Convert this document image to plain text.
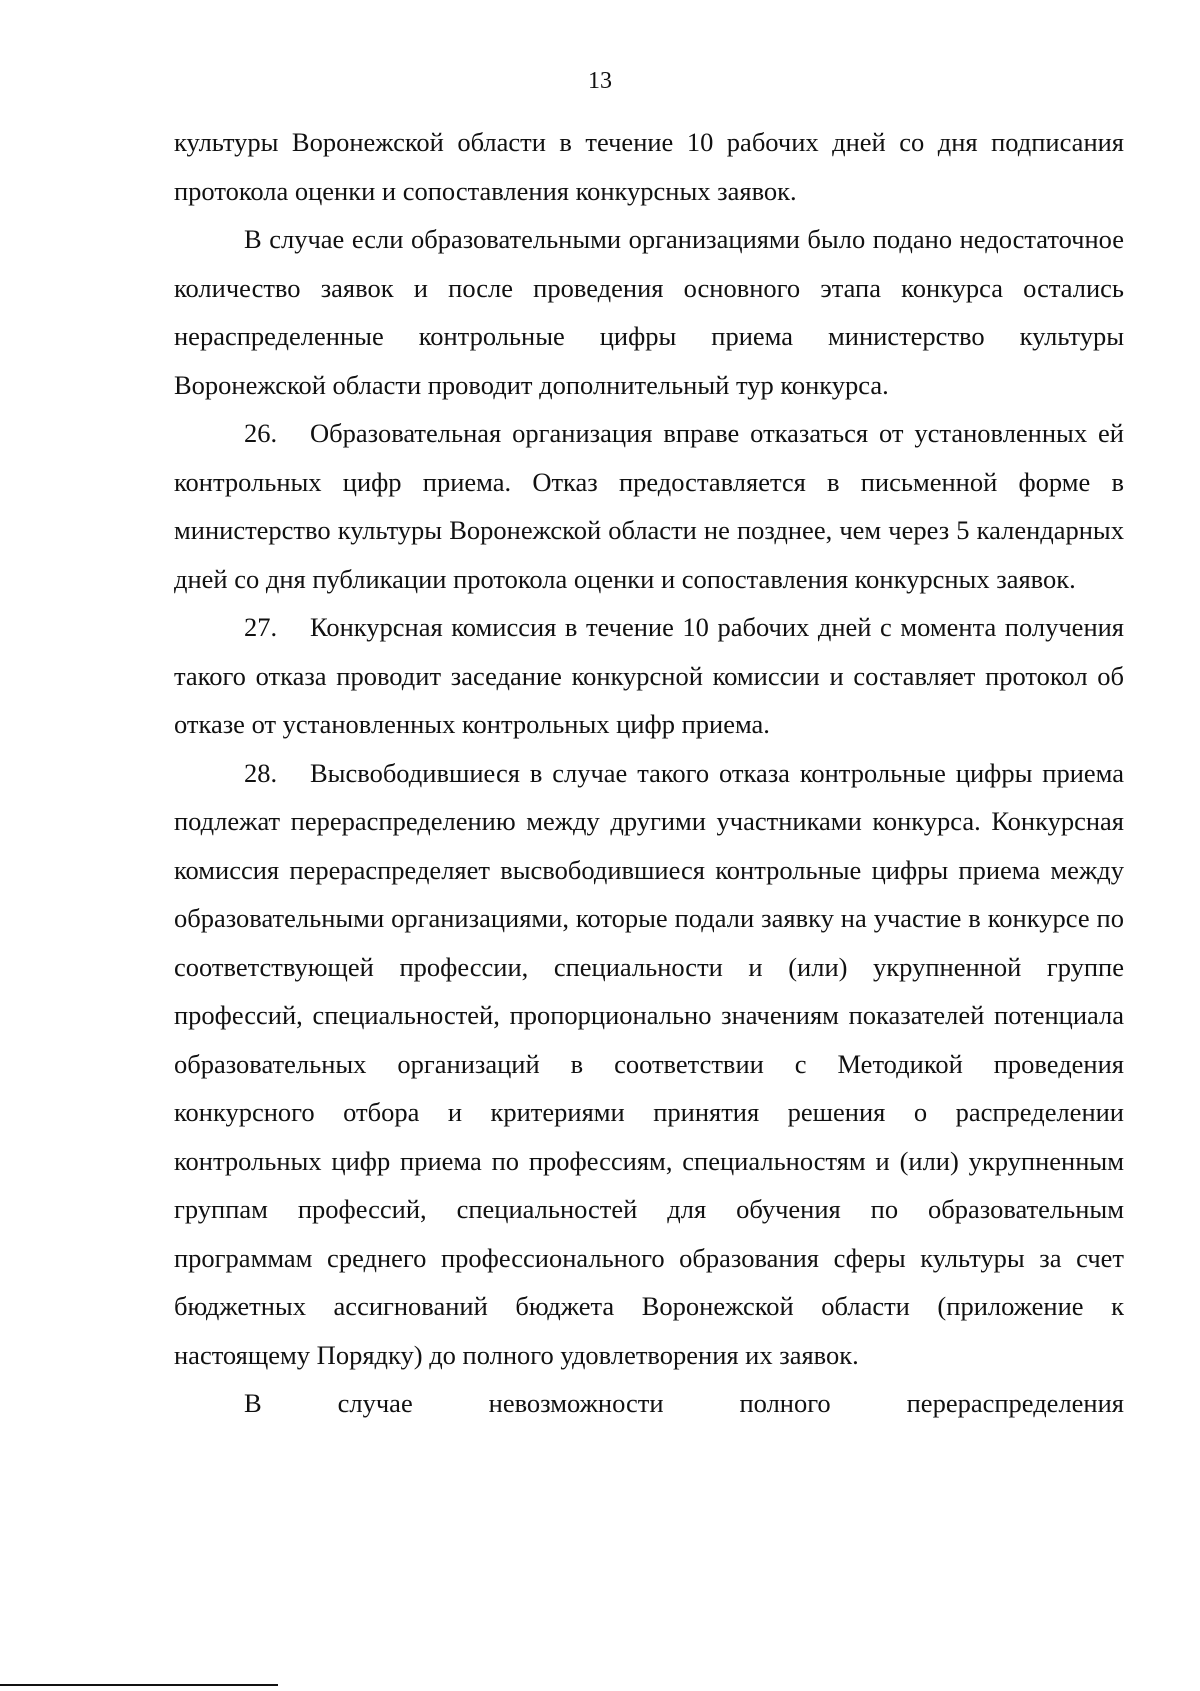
13

культуры Воронежской области в течение 10 рабочих дней со дня подписания протокола оценки и сопоставления конкурсных заявок.

В случае если образовательными организациями было подано недостаточное количество заявок и после проведения основного этапа конкурса остались нераспределенные контрольные цифры приема министерство культуры Воронежской области проводит дополнительный тур конкурса.

26. Образовательная организация вправе отказаться от установленных ей контрольных цифр приема. Отказ предоставляется в письменной форме в министерство культуры Воронежской области не позднее, чем через 5 календарных дней со дня публикации протокола оценки и сопоставления конкурсных заявок.

27. Конкурсная комиссия в течение 10 рабочих дней с момента получения такого отказа проводит заседание конкурсной комиссии и составляет протокол об отказе от установленных контрольных цифр приема.

28. Высвободившиеся в случае такого отказа контрольные цифры приема подлежат перераспределению между другими участниками конкурса. Конкурсная комиссия перераспределяет высвободившиеся контрольные цифры приема между образовательными организациями, которые подали заявку на участие в конкурсе по соответствующей профессии, специальности и (или) укрупненной группе профессий, специальностей, пропорционально значениям показателей потенциала образовательных организаций в соответствии с Методикой проведения конкурсного отбора и критериями принятия решения о распределении контрольных цифр приема по профессиям, специальностям и (или) укрупненным группам профессий, специальностей для обучения по образовательным программам среднего профессионального образования сферы культуры за счет бюджетных ассигнований бюджета Воронежской области (приложение к настоящему Порядку) до полного удовлетворения их заявок.

В случае невозможности полного перераспределения
